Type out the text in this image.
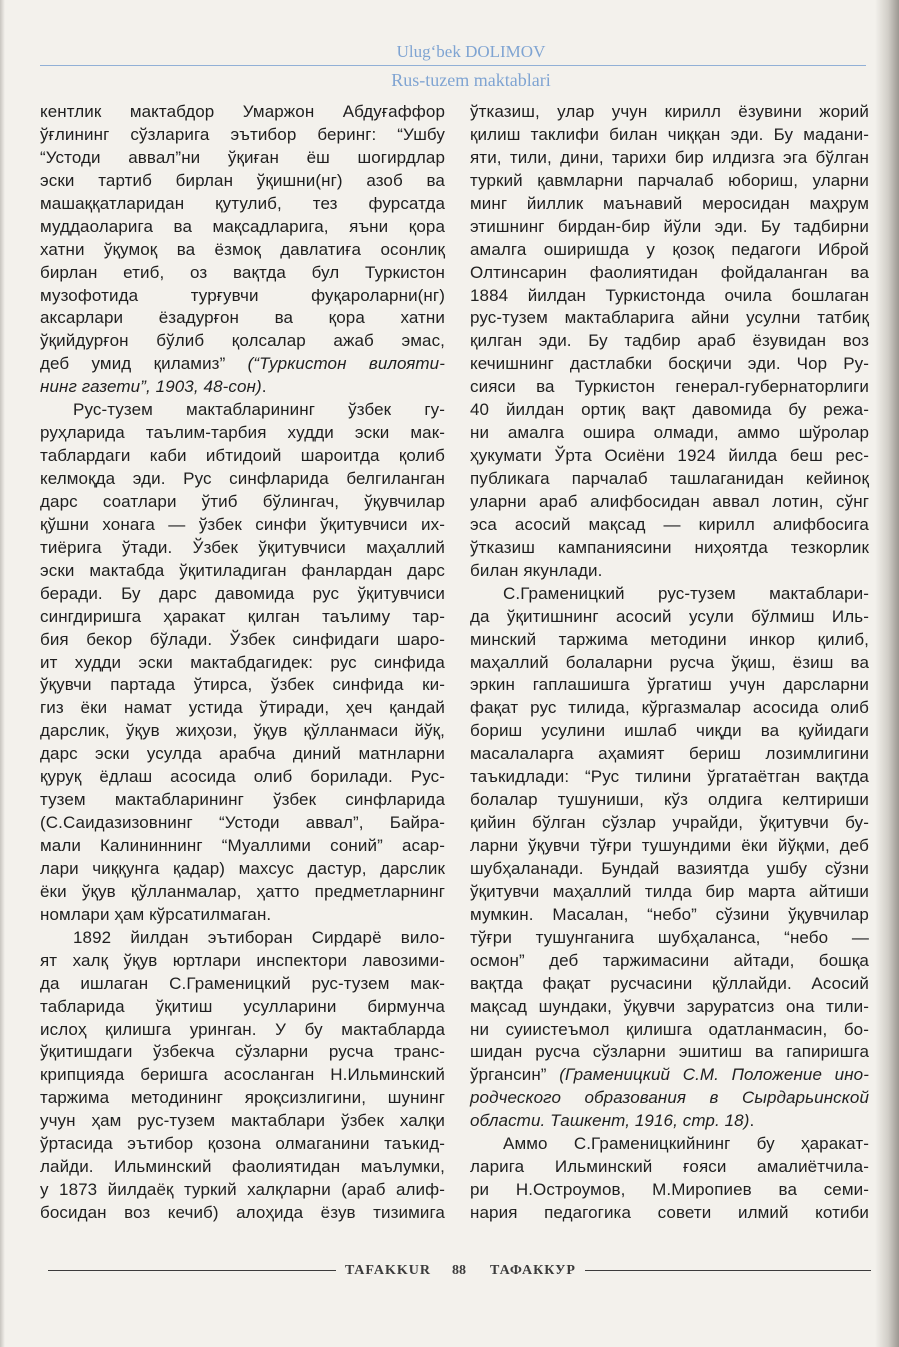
Ulug‘bek DOLIMOV
Rus-tuzem maktablari
кентлик мактабдор Умаржон Абдуғаффор
ўғлининг сўзларига эътибор беринг: “Ушбу
“Устоди аввал”ни ўқиған ёш шогирдлар
эски тартиб бирлан ўқишни(нг) азоб ва
машаққатларидан қутулиб, тез фурсатда
муддаоларига ва мақсадларига, яъни қора
хатни ўқумоқ ва ёзмоқ давлатиға осонлиқ
бирлан етиб, оз вақтда бул Туркистон
музофотида турғувчи фуқароларни(нг)
аксарлари ёзадурғон ва қора хатни
ўқийдурғон бўлиб қолсалар ажаб эмас,
деб умид қиламиз” (“Туркистон вилояти-
нинг газети”, 1903, 48-сон).
Рус-тузем мактабларининг ўзбек гу-
руҳларида таълим-тарбия худди эски мак-
таблардаги каби ибтидоий шароитда қолиб
келмоқда эди. Рус синфларида белгиланган
дарс соатлари ўтиб бўлингач, ўқувчилар
қўшни хонага — ўзбек синфи ўқитувчиси их-
тиёрига ўтади. Ўзбек ўқитувчиси маҳаллий
эски мактабда ўқитиладиган фанлардан дарс
беради. Бу дарс давомида рус ўқитувчиси
сингдиришга ҳаракат қилган таълиму тар-
бия бекор бўлади. Ўзбек синфидаги шаро-
ит худди эски мактабдагидек: рус синфида
ўқувчи партада ўтирса, ўзбек синфида ки-
гиз ёки намат устида ўтиради, ҳеч қандай
дарслик, ўқув жиҳози, ўқув қўлланмаси йўқ,
дарс эски усулда арабча диний матнларни
қуруқ ёдлаш асосида олиб борилади. Рус-
тузем мактабларининг ўзбек синфларида
(С.Саидазизовнинг “Устоди аввал”, Байра-
мали Калининнинг “Муаллими соний” асар-
лари чиққунга қадар) махсус дастур, дарслик
ёки ўқув қўлланмалар, ҳатто предметларнинг
номлари ҳам кўрсатилмаган.
1892 йилдан эътиборан Сирдарё вило-
ят халқ ўқув юртлари инспектори лавозими-
да ишлаган С.Граменицкий рус-тузем мак-
табларида ўқитиш усулларини бирмунча
ислоҳ қилишга уринган. У бу мактабларда
ўқитишдаги ўзбекча сўзларни русча транс-
крипцияда беришга асосланган Н.Ильминский
таржима методининг яроқсизлигини, шунинг
учун ҳам рус-тузем мактаблари ўзбек халқи
ўртасида эътибор қозона олмаганини таъкид-
лайди. Ильминский фаолиятидан маълумки,
у 1873 йилдаёқ туркий халқларни (араб алиф-
босидан воз кечиб) алоҳида ёзув тизимига
ўтказиш, улар учун кирилл ёзувини жорий
қилиш таклифи билан чиққан эди. Бу мадани-
яти, тили, дини, тарихи бир илдизга эга бўлган
туркий қавмларни парчалаб юбориш, уларни
минг йиллик маънавий меросидан маҳрум
этишнинг бирдан-бир йўли эди. Бу тадбирни
амалга оширишда у қозоқ педагоги Иброй
Олтинсарин фаолиятидан фойдаланган ва
1884 йилдан Туркистонда очила бошлаган
рус-тузем мактабларига айни усулни татбиқ
қилган эди. Бу тадбир араб ёзувидан воз
кечишнинг дастлабки босқичи эди. Чор Ру-
сияси ва Туркистон генерал-губернаторлиги
40 йилдан ортиқ вақт давомида бу режа-
ни амалга ошира олмади, аммо шўролар
ҳукумати Ўрта Осиёни 1924 йилда беш рес-
публикага парчалаб ташлаганидан кейиноқ
уларни араб алифбосидан аввал лотин, сўнг
эса асосий мақсад — кирилл алифбосига
ўтказиш кампаниясини ниҳоятда тезкорлик
билан якунлади.
С.Граменицкий рус-тузем мактаблари-
да ўқитишнинг асосий усули бўлмиш Иль-
минский таржима методини инкор қилиб,
маҳаллий болаларни русча ўқиш, ёзиш ва
эркин гаплашишга ўргатиш учун дарсларни
фақат рус тилида, кўргазмалар асосида олиб
бориш усулини ишлаб чиқди ва қуйидаги
масалаларга аҳамият бериш лозимлигини
таъкидлади: “Рус тилини ўргатаётган вақтда
болалар тушуниши, кўз олдига келтириши
қийин бўлган сўзлар учрайди, ўқитувчи бу-
ларни ўқувчи тўғри тушундими ёки йўқми, деб
шубҳаланади. Бундай вазиятда ушбу сўзни
ўқитувчи маҳаллий тилда бир марта айтиши
мумкин. Масалан, “небо” сўзини ўқувчилар
тўғри тушунганига шубҳаланса, “небо —
осмон” деб таржимасини айтади, бошқа
вақтда фақат русчасини қўллайди. Асосий
мақсад шундаки, ўқувчи заруратсиз она тили-
ни суиистеъмол қилишга одатланмасин, бо-
шидан русча сўзларни эшитиш ва гапиришга
ўргансин” (Граменицкий С.М. Положение ино-
родческого образования в Сырдарьинской
области. Ташкент, 1916, стр. 18).
Аммо С.Граменицкийнинг бу ҳаракат-
ларига Ильминский ғояси амалиётчила-
ри Н.Остроумов, М.Миропиев ва семи-
нария педагогика совети илмий котиби
TAFAKKUR 88 ТАФАККУР
